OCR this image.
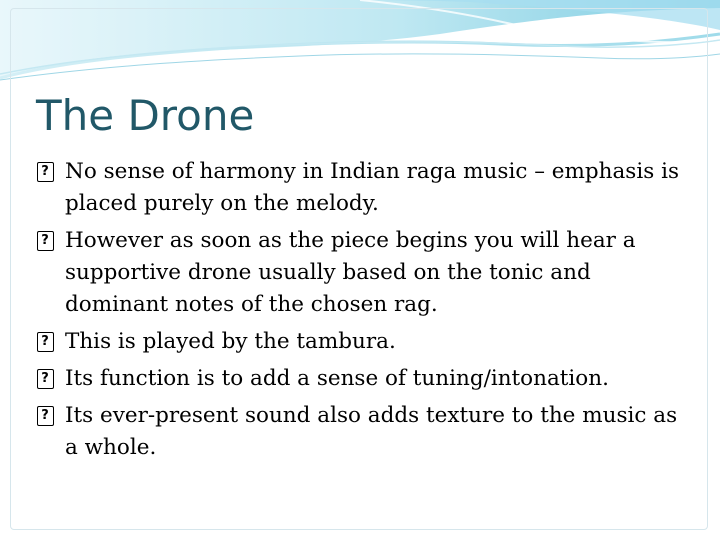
The Drone
? No sense of harmony in Indian raga music – emphasis is placed purely on the melody.
? However as soon as the piece begins you will hear a supportive drone usually based on the tonic and dominant notes of the chosen rag.
? This is played by the tambura.
? Its function is to add a sense of tuning/intonation.
? Its ever-present sound also adds texture to the music as a whole.
